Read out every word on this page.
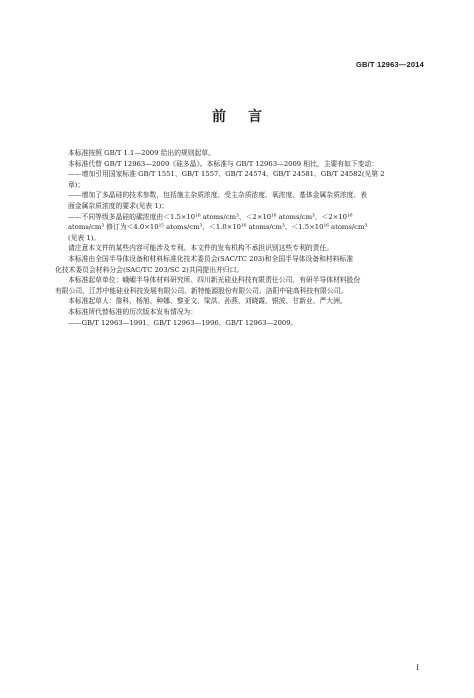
GB/T 12963—2014
前言

本标准按照 GB/T 1.1—2009 给出的规则起草。

本标准代替 GB/T 12963—2009《硅多晶》。本标准与 GB/T 12963—2009 相比，主要有如下变动：

——增加引用国家标准 GB/T 1551、GB/T 1557、GB/T 24574、GB/T 24581、GB/T 24582(见第 2

章)；

——增加了多晶硅的技术参数，包括施主杂质浓度、受主杂质浓度、氧浓度、基体金属杂质浓度、表

面金属杂质浓度的要求(见表 1)；

——不同等级多晶硅的碳浓度由＜1.5×10¹⁶ atoms/cm³、＜2×10¹⁶ atoms/cm³、＜2×10¹⁶

atoms/cm³ 修订为＜4.0×10¹⁵ atoms/cm³、＜1.0×10¹⁶ atoms/cm³、＜1.5×10¹⁶ atoms/cm³

(见表 1)。

请注意本文件的某些内容可能涉及专利。本文件的发布机构不承担识别这些专利的责任。

本标准由全国半导体设备和材料标准化技术委员会(SAC/TC 203)和全国半导体设备和材料标准

化技术委员会材料分会(SAC/TC 203/SC 2)共同提出并归口。

本标准起草单位：峨嵋半导体材料研究所、四川新光硅业科技有限责任公司、有研半导体材料股份

有限公司、江苏中能硅业科技发展有限公司、新特能源股份有限公司、洛阳中硅高科技有限公司。

本标准起草人：詹科、杨旭、种娜、黎亚文、梁洪、孙燕、刘晓霞、银波、甘新业、严大洲。

本标准所代替标准的历次版本发布情况为：

——GB/T 12963—1991、GB/T 12963—1996、GB/T 12963—2009。

I
